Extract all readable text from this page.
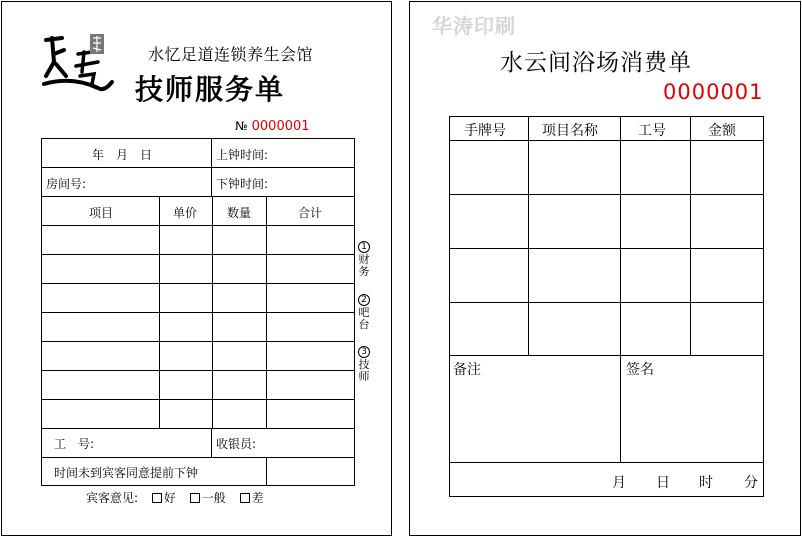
水忆足道连锁养生会馆
技师服务单
№ 0000001
年　月　日	上钟时间:
房间号:	下钟时间:
项目	单价 数量	合计
工　号:	收银员:
时间未到宾客同意提前下钟
1
财务
2
吧台
3
技师
宾客意见: 好 一般 差
华涛印刷
水云间浴场消费单
0000001
手牌号	项目名称	工号	金额
备注	签名
月 日 时 分
